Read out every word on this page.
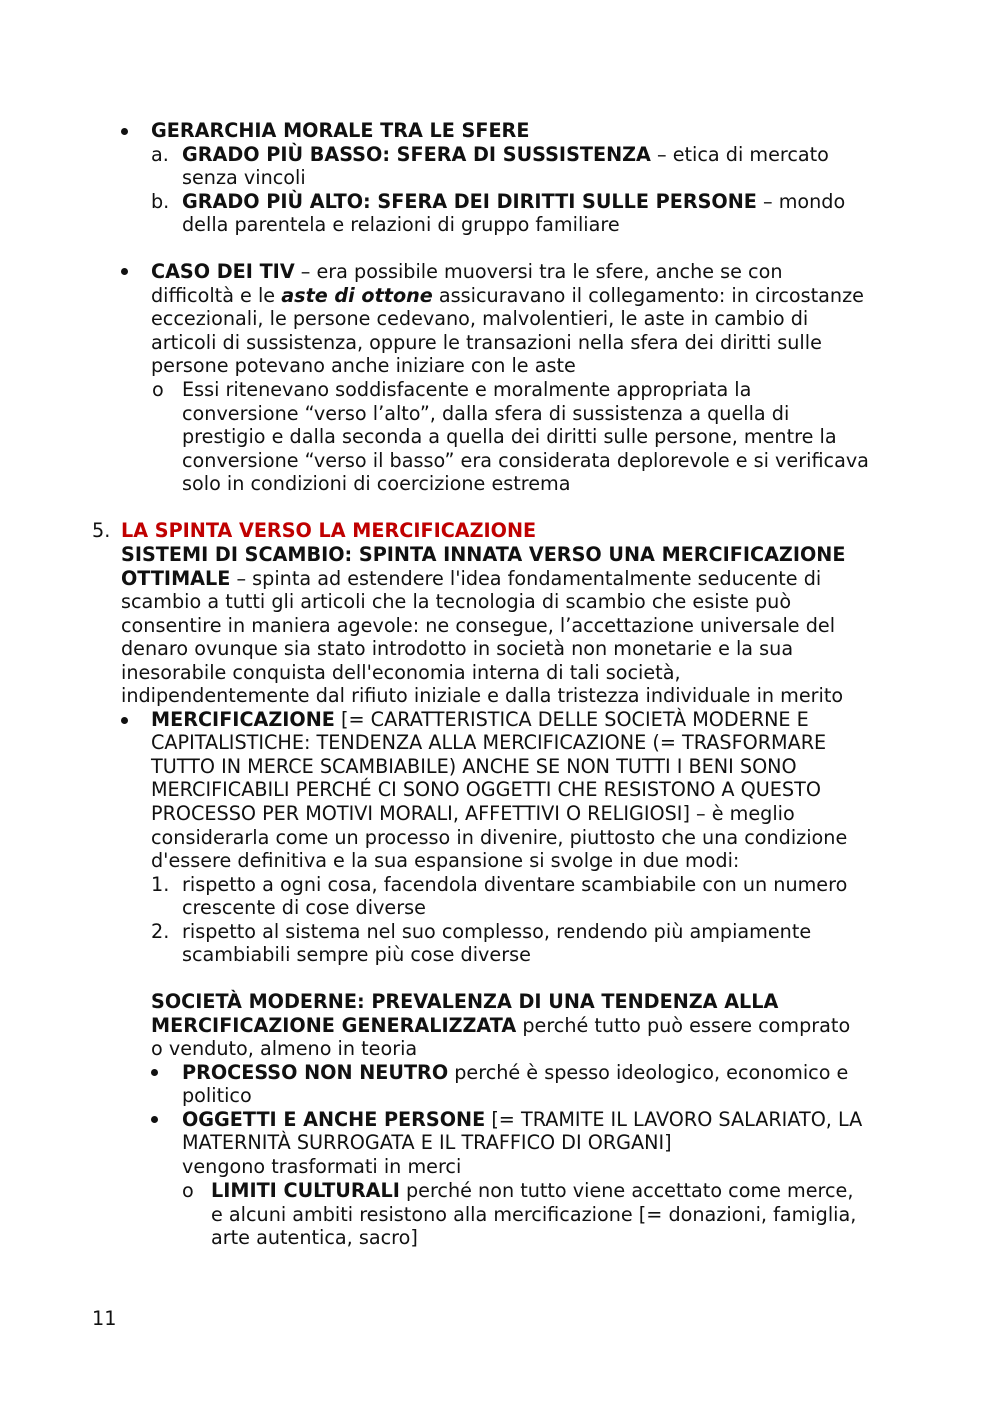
GERARCHIA MORALE TRA LE SFERE
a. GRADO PIÙ BASSO: SFERA DI SUSSISTENZA – etica di mercato
senza vincoli
b. GRADO PIÙ ALTO: SFERA DEI DIRITTI SULLE PERSONE – mondo
della parentela e relazioni di gruppo familiare
CASO DEI TIV – era possibile muoversi tra le sfere, anche se con
difficoltà e le aste di ottone assicuravano il collegamento: in circostanze
eccezionali, le persone cedevano, malvolentieri, le aste in cambio di
articoli di sussistenza, oppure le transazioni nella sfera dei diritti sulle
persone potevano anche iniziare con le aste
o Essi ritenevano soddisfacente e moralmente appropriata la
conversione “verso l’alto”, dalla sfera di sussistenza a quella di
prestigio e dalla seconda a quella dei diritti sulle persone, mentre la
conversione “verso il basso” era considerata deplorevole e si verificava
solo in condizioni di coercizione estrema
5. LA SPINTA VERSO LA MERCIFICAZIONE
SISTEMI DI SCAMBIO: SPINTA INNATA VERSO UNA MERCIFICAZIONE
OTTIMALE – spinta ad estendere l'idea fondamentalmente seducente di
scambio a tutti gli articoli che la tecnologia di scambio che esiste può
consentire in maniera agevole: ne consegue, l’accettazione universale del
denaro ovunque sia stato introdotto in società non monetarie e la sua
inesorabile conquista dell'economia interna di tali società,
indipendentemente dal rifiuto iniziale e dalla tristezza individuale in merito
MERCIFICAZIONE [= CARATTERISTICA DELLE SOCIETÀ MODERNE E
CAPITALISTICHE: TENDENZA ALLA MERCIFICAZIONE (= TRASFORMARE
TUTTO IN MERCE SCAMBIABILE) ANCHE SE NON TUTTI I BENI SONO
MERCIFICABILI PERCHÉ CI SONO OGGETTI CHE RESISTONO A QUESTO
PROCESSO PER MOTIVI MORALI, AFFETTIVI O RELIGIOSI] – è meglio
considerarla come un processo in divenire, piuttosto che una condizione
d'essere definitiva e la sua espansione si svolge in due modi:
1. rispetto a ogni cosa, facendola diventare scambiabile con un numero
crescente di cose diverse
2. rispetto al sistema nel suo complesso, rendendo più ampiamente
scambiabili sempre più cose diverse
SOCIETÀ MODERNE: PREVALENZA DI UNA TENDENZA ALLA
MERCIFICAZIONE GENERALIZZATA perché tutto può essere comprato
o venduto, almeno in teoria
PROCESSO NON NEUTRO perché è spesso ideologico, economico e
politico
OGGETTI E ANCHE PERSONE [= TRAMITE IL LAVORO SALARIATO, LA
MATERNITÀ SURROGATA E IL TRAFFICO DI ORGANI]
vengono trasformati in merci
o LIMITI CULTURALI perché non tutto viene accettato come merce,
e alcuni ambiti resistono alla mercificazione [= donazioni, famiglia,
arte autentica, sacro]
11
